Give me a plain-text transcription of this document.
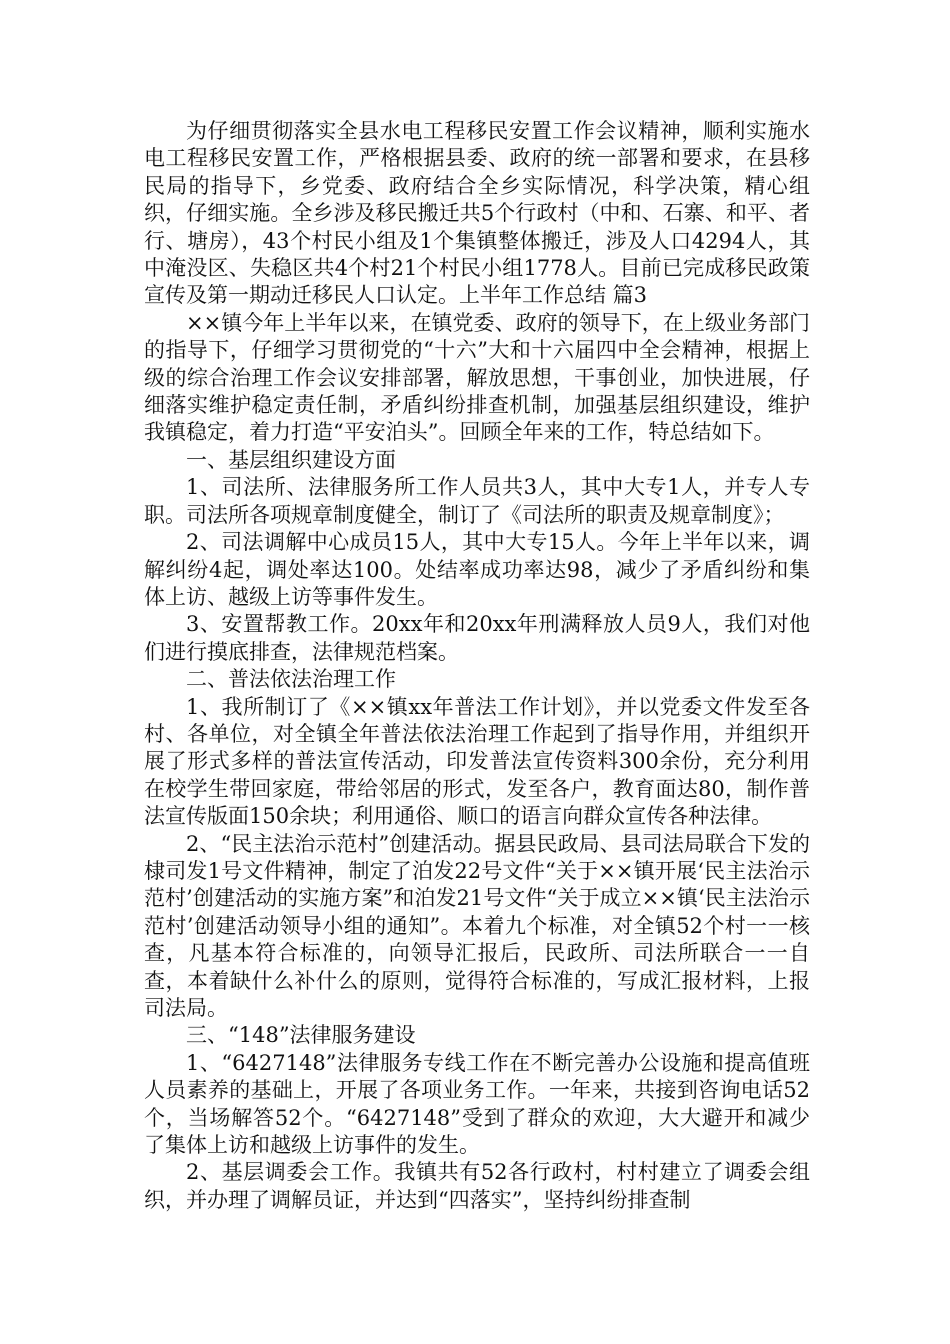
为仔细贯彻落实全县水电工程移民安置工作会议精神，顺利实施水电工程移民安置工作，严格根据县委、政府的统一部署和要求，在县移民局的指导下，乡党委、政府结合全乡实际情况，科学决策，精心组织，仔细实施。全乡涉及移民搬迁共5个行政村（中和、石寨、和平、者行、塘房），43个村民小组及1个集镇整体搬迁，涉及人口4294人，其中淹没区、失稳区共4个村21个村民小组1778人。目前已完成移民政策宣传及第一期动迁移民人口认定。上半年工作总结 篇3

××镇今年上半年以来，在镇党委、政府的领导下，在上级业务部门的指导下，仔细学习贯彻党的“十六”大和十六届四中全会精神，根据上级的综合治理工作会议安排部署，解放思想，干事创业，加快进展，仔细落实维护稳定责任制，矛盾纠纷排查机制，加强基层组织建设，维护我镇稳定，着力打造“平安泊头”。回顾全年来的工作，特总结如下。

一、基层组织建设方面

1、司法所、法律服务所工作人员共3人，其中大专1人，并专人专职。司法所各项规章制度健全，制订了《司法所的职责及规章制度》；

2、司法调解中心成员15人，其中大专15人。今年上半年以来，调解纠纷4起，调处率达100。处结率成功率达98，减少了矛盾纠纷和集体上访、越级上访等事件发生。

3、安置帮教工作。20xx年和20xx年刑满释放人员9人，我们对他们进行摸底排查，法律规范档案。

二、普法依法治理工作

1、我所制订了《××镇xx年普法工作计划》，并以党委文件发至各村、各单位，对全镇全年普法依法治理工作起到了指导作用，并组织开展了形式多样的普法宣传活动，印发普法宣传资料300余份，充分利用在校学生带回家庭，带给邻居的形式，发至各户，教育面达80，制作普法宣传版面150余块；利用通俗、顺口的语言向群众宣传各种法律。

2、“民主法治示范村”创建活动。据县民政局、县司法局联合下发的棣司发1号文件精神，制定了泊发22号文件“关于××镇开展‘民主法治示范村’创建活动的实施方案”和泊发21号文件“关于成立××镇‘民主法治示范村’创建活动领导小组的通知”。本着九个标准，对全镇52个村一一核查，凡基本符合标准的，向领导汇报后，民政所、司法所联合一一自查，本着缺什么补什么的原则，觉得符合标准的，写成汇报材料，上报司法局。

三、“148”法律服务建设

1、“6427148”法律服务专线工作在不断完善办公设施和提高值班人员素养的基础上，开展了各项业务工作。一年来，共接到咨询电话52个，当场解答52个。“6427148”受到了群众的欢迎，大大避开和减少了集体上访和越级上访事件的发生。

2、基层调委会工作。我镇共有52各行政村，村村建立了调委会组织，并办理了调解员证，并达到“四落实”，坚持纠纷排查制
